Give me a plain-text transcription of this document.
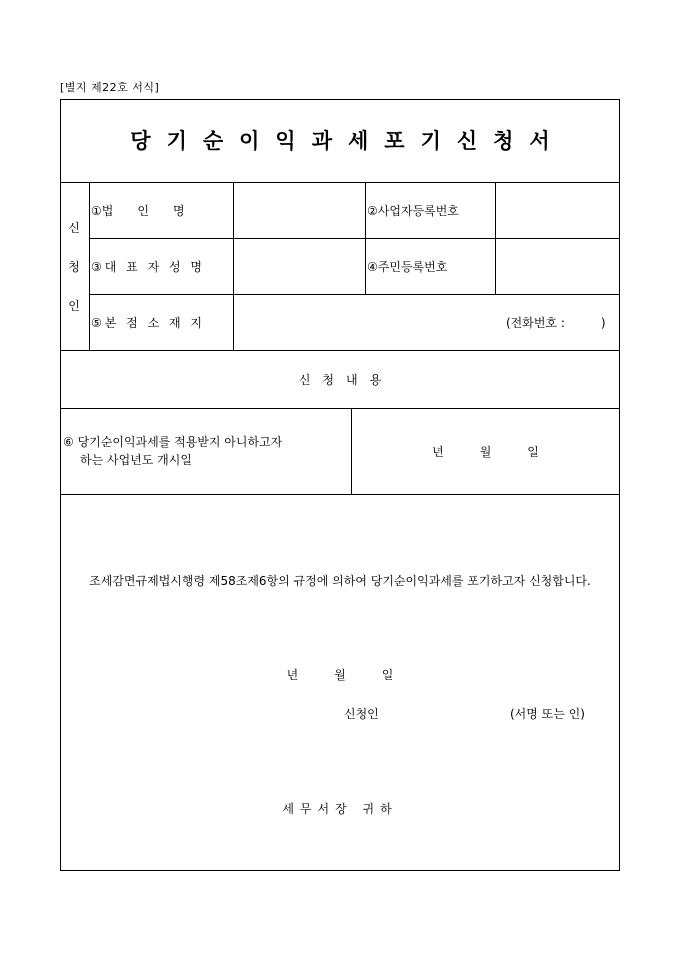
[별지 제22호 서식]
당기순이익과세포기신청서
신
청
인
①법　　인　　명	②사업자등록번호
③대 표 자 성 명	④주민등록번호
⑤본 점 소 재 지	(전화번호 :　　　)
신　청　내　용
⑥ 당기순이익과세를 적용받지 아니하고자
하는 사업년도 개시일
년　　　월　　　일
조세감면규제법시행령 제58조제6항의 규정에 의하여 당기순이익과세를 포기하고자 신청합니다.
년　　　월　　　일
신청인	(서명 또는 인)
세무서장 귀하
